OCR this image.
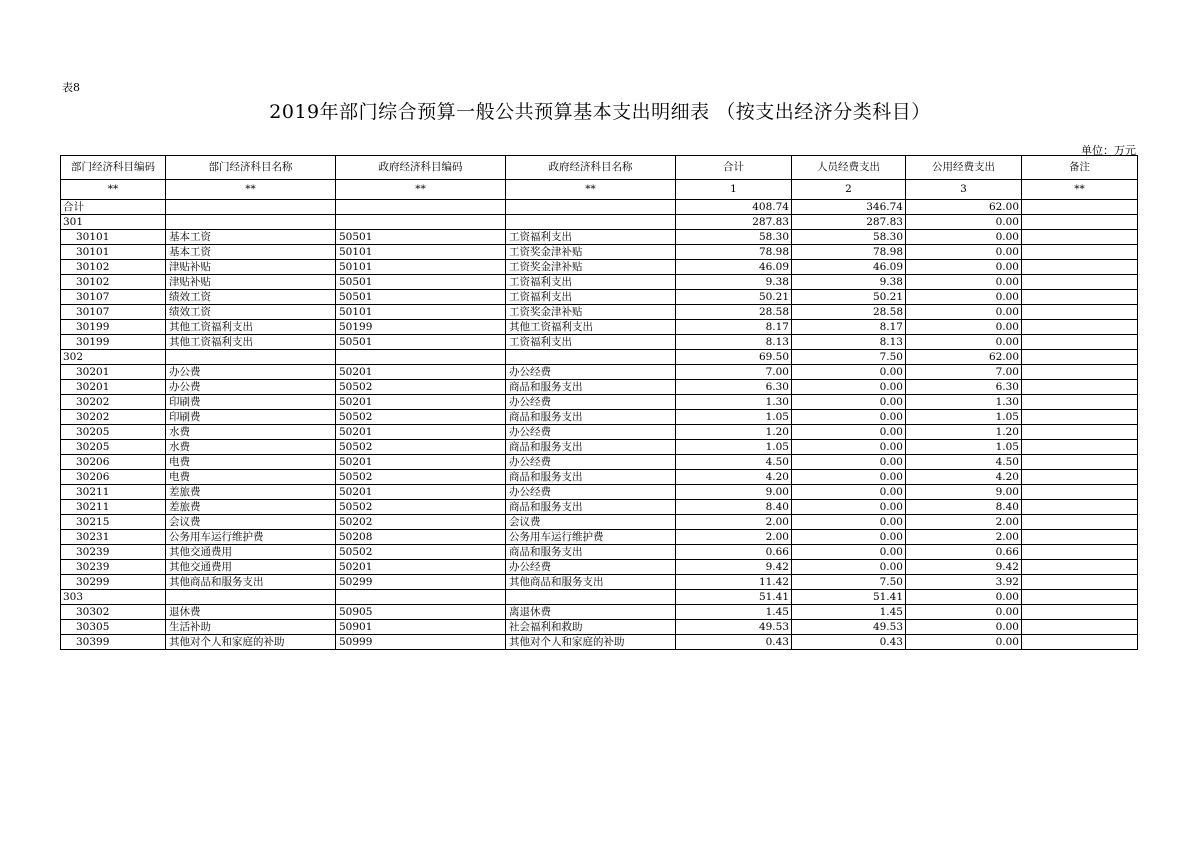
表8
2019年部门综合预算一般公共预算基本支出明细表 （按支出经济分类科目）
单位：万元
部门经济科目编码	部门经济科目名称	政府经济科目编码	政府经济科目名称	合计	人员经费支出	公用经费支出	备注
**	**	**	**	1	2	3	**
合计				408.74	346.74	62.00	
301				287.83	287.83	0.00	
30101	基本工资	50501	工资福利支出	58.30	58.30	0.00	
30101	基本工资	50101	工资奖金津补贴	78.98	78.98	0.00	
30102	津贴补贴	50101	工资奖金津补贴	46.09	46.09	0.00	
30102	津贴补贴	50501	工资福利支出	9.38	9.38	0.00	
30107	绩效工资	50501	工资福利支出	50.21	50.21	0.00	
30107	绩效工资	50101	工资奖金津补贴	28.58	28.58	0.00	
30199	其他工资福利支出	50199	其他工资福利支出	8.17	8.17	0.00	
30199	其他工资福利支出	50501	工资福利支出	8.13	8.13	0.00	
302				69.50	7.50	62.00	
30201	办公费	50201	办公经费	7.00	0.00	7.00	
30201	办公费	50502	商品和服务支出	6.30	0.00	6.30	
30202	印刷费	50201	办公经费	1.30	0.00	1.30	
30202	印刷费	50502	商品和服务支出	1.05	0.00	1.05	
30205	水费	50201	办公经费	1.20	0.00	1.20	
30205	水费	50502	商品和服务支出	1.05	0.00	1.05	
30206	电费	50201	办公经费	4.50	0.00	4.50	
30206	电费	50502	商品和服务支出	4.20	0.00	4.20	
30211	差旅费	50201	办公经费	9.00	0.00	9.00	
30211	差旅费	50502	商品和服务支出	8.40	0.00	8.40	
30215	会议费	50202	会议费	2.00	0.00	2.00	
30231	公务用车运行维护费	50208	公务用车运行维护费	2.00	0.00	2.00	
30239	其他交通费用	50502	商品和服务支出	0.66	0.00	0.66	
30239	其他交通费用	50201	办公经费	9.42	0.00	9.42	
30299	其他商品和服务支出	50299	其他商品和服务支出	11.42	7.50	3.92	
303				51.41	51.41	0.00	
30302	退休费	50905	离退休费	1.45	1.45	0.00	
30305	生活补助	50901	社会福利和救助	49.53	49.53	0.00	
30399	其他对个人和家庭的补助	50999	其他对个人和家庭的补助	0.43	0.43	0.00	
